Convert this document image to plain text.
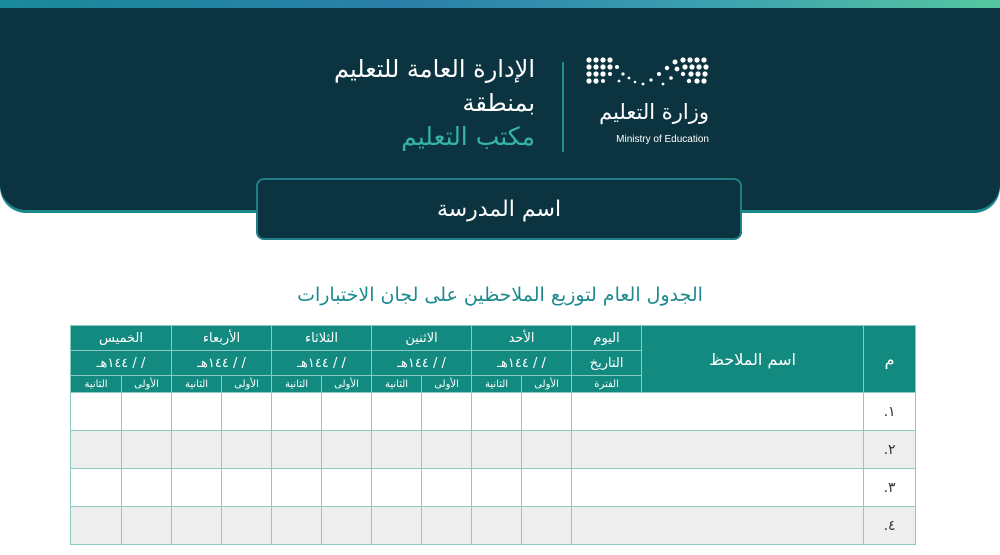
الإدارة العامة للتعليم
بمنطقة
مكتب التعليم
وزارة التعليم
Ministry of Education
اسم المدرسة
الجدول العام لتوزيع الملاحظين على لجان الاختبارات
م	اسم الملاحظ	اليوم	الأحد		الاثنين		الثلاثاء		الأربعاء		الخميس	
		التاريخ	/ / ١٤٤هـ		/ / ١٤٤هـ		/ / ١٤٤هـ		/ / ١٤٤هـ		/ / ١٤٤هـ	
		الفترة	الأولى	الثانية	الأولى	الثانية	الأولى	الثانية	الأولى	الثانية	الأولى	الثانية
١.												
٢.												
٣.												
٤.												
